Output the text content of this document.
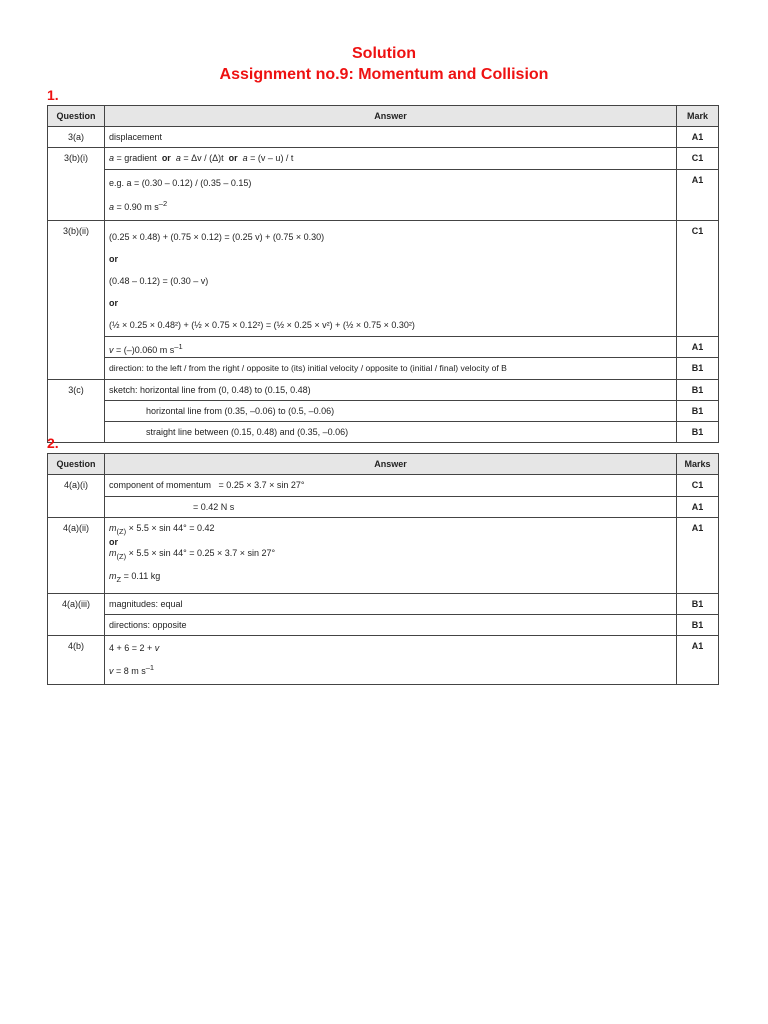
Solution
Assignment no.9: Momentum and Collision
1.
Question	Answer	Mark
3(a)	displacement	A1
3(b)(i)	a = gradient  or a = Δv / (Δ)t  or a = (v – u) / t	C1

	e.g. a = (0.30 – 0.12) / (0.35 – 0.15)
a = 0.90 m $s^{-2}$	A1
3(b)(ii)	(0.25 × 0.48) + (0.75 × 0.12) = (0.25 v) + (0.75 × 0.30)
or
(0.48 – 0.12) = (0.30 – v)
or
(½ × 0.25 × 0.48²) + (½ × 0.75 × 0.12²) = (½ × 0.25 × v²) + (½ × 0.75 × 0.30²)	C1
	v = (–)0.060 m $s^{-1}$	A1
	direction: to the left / from the right / opposite to (its) initial velocity / opposite to (initial / final) velocity of B	B1
3(c)	sketch: horizontal line from (0, 0.48) to (0.15, 0.48)	B1
	horizontal line from (0.35, –0.06) to (0.5, –0.06)	B1
	straight line between (0.15, 0.48) and (0.35, –0.06)	B1
2.
Question	Answer	Marks
4(a)(i)	component of momentum   = 0.25 × 3.7 × sin 27°	C1
	= 0.42 N s	A1
4(a)(ii)	$m_{(Z)} \times 5.5 \times \sin 44^\circ = 0.42$
or
$m_{(Z)} \times 5.5 \times \sin 44^\circ = 0.25 \times 3.7 \times \sin 27^\circ$
$m_Z = 0.11$ kg	A1
4(a)(iii)	magnitudes: equal	B1
	directions: opposite	B1
4(b)	4 + 6 = 2 + v
v = 8 m $s^{-1}$	A1
